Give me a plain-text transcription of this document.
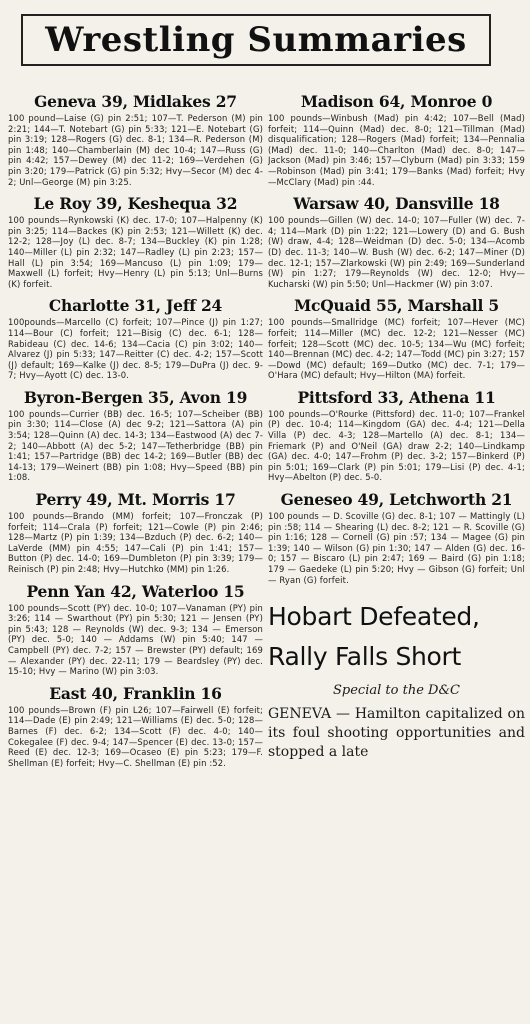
Wrestling Summaries
Geneva 39, Midlakes 27

100 pound—Laise (G) pin 2:51; 107—T. Pederson (M) pin 2:21; 144—T. Notebart (G) pin 5:33; 121—E. Notebart (G) pin 3:19; 128—Rogers (G) dec. 8-1; 134—R. Pederson (M) pin 1:48; 140—Chamberlain (M) dec 10-4; 147—Russ (G) pin 4:42; 157—Dewey (M) dec 11-2; 169—Verdehen (G) pin 3:20; 179—Patrick (G) pin 5:32; Hvy—Secor (M) dec 4-2; Unl—George (M) pin 3:25.

Le Roy 39, Keshequa 32

100 pounds—Rynkowski (K) dec. 17-0; 107—Halpenny (K) pin 3:25; 114—Backes (K) pin 2:53; 121—Willett (K) dec. 12-2; 128—Joy (L) dec. 8-7; 134—Buckley (K) pin 1:28; 140—Miller (L) pin 2:32; 147—Radley (L) pin 2:23; 157—Hall (L) pin 3:54; 169—Mancuso (L) pin 1:09; 179—Maxwell (L) forfeit; Hvy—Henry (L) pin 5:13; Unl—Burns (K) forfeit.

Charlotte 31, Jeff 24

100pounds—Marcello (C) forfeit; 107—Pince (J) pin 1:27; 114—Bour (C) forfeit; 121—Bisig (C) dec. 6-1; 128—Rabideau (C) dec. 14-6; 134—Cacia (C) pin 3:02; 140—Alvarez (J) pin 5:33; 147—Reitter (C) dec. 4-2; 157—Scott (J) default; 169—Kalke (J) dec. 8-5; 179—DuPra (J) dec. 9-7; Hvy—Ayott (C) dec. 13-0.

Byron-Bergen 35, Avon 19

100 pounds—Currier (BB) dec. 16-5; 107—Scheiber (BB) pin 3:30; 114—Close (A) dec 9-2; 121—Sattora (A) pin 3:54; 128—Quinn (A) dec. 14-3; 134—Eastwood (A) dec 7-2; 140—Abbott (A) dec 5-2; 147—Tetherbridge (BB) pin 1:41; 157—Partridge (BB) dec 14-2; 169—Butler (BB) dec 14-13; 179—Weinert (BB) pin 1:08; Hvy—Speed (BB) pin 1:08.

Perry 49, Mt. Morris 17

100 pounds—Brando (MM) forfeit; 107—Fronczak (P) forfeit; 114—Crala (P) forfeit; 121—Cowle (P) pin 2:46; 128—Martz (P) pin 1:39; 134—Bzduch (P) dec. 6-2; 140—LaVerde (MM) pin 4:55; 147—Cali (P) pin 1:41; 157—Button (P) dec. 14-0; 169—Dumbleton (P) pin 3:39; 179—Reinisch (P) pin 2:48; Hvy—Hutchko (MM) pin 1:26.

Penn Yan 42, Waterloo 15

100 pounds—Scott (PY) dec. 10-0; 107—Vanaman (PY) pin 3:26; 114 — Swarthout (PY) pin 5:30; 121 — Jensen (PY) pin 5:43; 128 — Reynolds (W) dec. 9-3; 134 — Emerson (PY) dec. 5-0; 140 — Addams (W) pin 5:40; 147 — Campbell (PY) dec. 7-2; 157 — Brewster (PY) default; 169 — Alexander (PY) dec. 22-11; 179 — Beardsley (PY) dec. 15-10; Hvy — Marino (W) pin 3:03.

East 40, Franklin 16

100 pounds—Brown (F) pin L26; 107—Fairwell (E) forfeit; 114—Dade (E) pin 2:49; 121—Williams (E) dec. 5-0; 128—Barnes (F) dec. 6-2; 134—Scott (F) dec. 4-0; 140—Cokegalee (F) dec. 9-4; 147—Spencer (E) dec. 13-0; 157—Reed (E) dec. 12-3; 169—Ocaseo (E) pin 5:23; 179—F. Shellman (E) forfeit; Hvy—C. Shellman (E) pin :52.

Madison 64, Monroe 0

100 pounds—Winbush (Mad) pin 4:42; 107—Bell (Mad) forfeit; 114—Quinn (Mad) dec. 8-0; 121—Tillman (Mad) disqualification; 128—Rogers (Mad) forfeit; 134—Pennalia (Mad) dec. 11-0; 140—Charlton (Mad) dec. 8-0; 147—Jackson (Mad) pin 3:46; 157—Clyburn (Mad) pin 3:33; 159—Robinson (Mad) pin 3:41; 179—Banks (Mad) forfeit; Hvy—McClary (Mad) pin :44.

Warsaw 40, Dansville 18

100 pounds—Gillen (W) dec. 14-0; 107—Fuller (W) dec. 7-4; 114—Mark (D) pin 1:22; 121—Lowery (D) and G. Bush (W) draw, 4-4; 128—Weidman (D) dec. 5-0; 134—Acomb (D) dec. 11-3; 140—W. Bush (W) dec. 6-2; 147—Miner (D) dec. 12-1; 157—Zlarkowski (W) pin 2:49; 169—Sunderland (W) pin 1:27; 179—Reynolds (W) dec. 12-0; Hvy—Kucharski (W) pin 5:50; Unl—Hackmer (W) pin 3:07.

McQuaid 55, Marshall 5

100 pounds—Smallridge (MC) forfeit; 107—Hever (MC) forfeit; 114—Miller (MC) dec. 12-2; 121—Nesser (MC) forfeit; 128—Scott (MC) dec. 10-5; 134—Wu (MC) forfeit; 140—Brennan (MC) dec. 4-2; 147—Todd (MC) pin 3:27; 157—Dowd (MC) default; 169—Dutko (MC) dec. 7-1; 179—O'Hara (MC) default; Hvy—Hilton (MA) forfeit.

Pittsford 33, Athena 11

100 pounds—O'Rourke (Pittsford) dec. 11-0; 107—Frankel (P) dec. 10-4; 114—Kingdom (GA) dec. 4-4; 121—Della Villa (P) dec. 4-3; 128—Martello (A) dec. 8-1; 134—Friemark (P) and O'Neil (GA) draw 2-2; 140—Lindkamp (GA) dec. 4-0; 147—Frohm (P) dec. 3-2; 157—Binkerd (P) pin 5:01; 169—Clark (P) pin 5:01; 179—Lisi (P) dec. 4-1; Hvy—Abelton (P) dec. 5-0.

Geneseo 49, Letchworth 21

100 pounds — D. Scoville (G) dec. 8-1; 107 — Mattingly (L) pin :58; 114 — Shearing (L) dec. 8-2; 121 — R. Scoville (G) pin 1:16; 128 — Cornell (G) pin :57; 134 — Magee (G) pin 1:39; 140 — Wilson (G) pin 1:30; 147 — Alden (G) dec. 16-0; 157 — Biscaro (L) pin 2:47; 169 — Baird (G) pin 1:18; 179 — Gaedeke (L) pin 5:20; Hvy — Gibson (G) forfeit; Unl — Ryan (G) forfeit.

Hobart Defeated,
Rally Falls Short
Special to the D&C

GENEVA — Hamilton capitalized on its foul shooting opportunities and stopped a late
